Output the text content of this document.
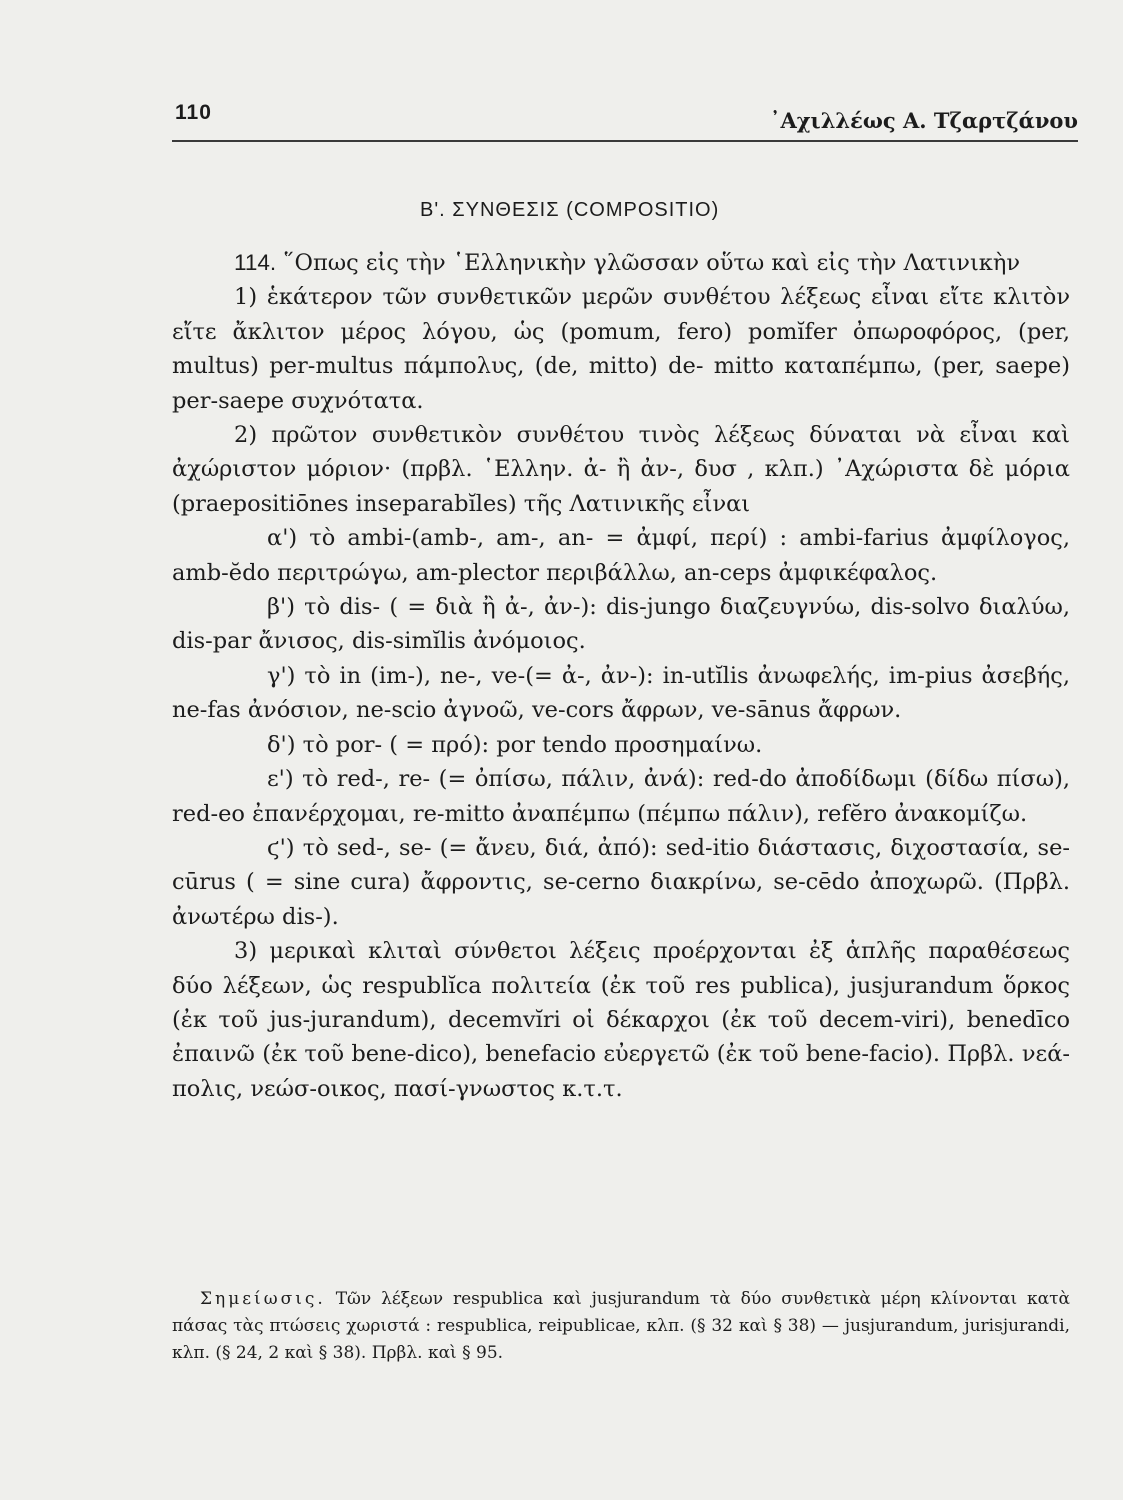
110	᾿Αχιλλέως Α. Τζαρτζάνου
Β'. ΣΥΝΘΕΣΙΣ (COMPOSITIO)

114. ῞Οπως εἰς τὴν ῾Ελληνικὴν γλῶσσαν οὕτω καὶ εἰς τὴν Λατινικὴν

1) ἑκάτερον τῶν συνθετικῶν μερῶν συνθέτου λέξεως εἶναι εἴτε κλιτὸν εἴτε ἄκλιτον μέρος λόγου, ὡς (pomum, fero) pomĭfer ὀπωροφόρος, (per, multus) per-multus πάμπολυς, (de, mitto) de- mitto καταπέμπω, (per, saepe) per-saepe συχνότατα.

2) πρῶτον συνθετικὸν συνθέτου τινὸς λέξεως δύναται νὰ εἶναι καὶ ἀχώριστον μόριον· (πρβλ. ῾Ελλην. ἀ- ἢ ἀν-, δυσ , κλπ.) ᾿Αχώριστα δὲ μόρια (praepositiōnes inseparabĭles) τῆς Λατινικῆς εἶναι

α') τὸ ambi-(amb-, am-, an- = ἀμφί, περί) : ambi-farius ἀμφίλογος, amb-ĕdo περιτρώγω, am-plector περιβάλλω, an-ceps ἀμφικέφαλος.

β') τὸ dis- ( = διὰ ἢ ἀ-, ἀν-): dis-jungo διαζευγνύω, dis-solvo διαλύω, dis-par ἄνισος, dis-simĭlis ἀνόμοιος.

γ') τὸ in (im-), ne-, ve-(= ἀ-, ἀν-): in-utĭlis ἀνωφελής, im-pius ἀσεβής, ne-fas ἀνόσιον, ne-scio ἀγνοῶ, ve-cors ἄφρων, ve-sānus ἄφρων.

δ') τὸ por- ( = πρό): por tendo προσημαίνω.

ε') τὸ red-, re- (= ὀπίσω, πάλιν, ἀνά): red-do ἀποδίδωμι (δίδω πίσω), red-eo ἐπανέρχομαι, re-mitto ἀναπέμπω (πέμπω πάλιν), refĕro ἀνακομίζω.

ϛ') τὸ sed-, se- (= ἄνευ, διά, ἀπό): sed-itio διάστασις, διχοστασία, se-cūrus ( = sine cura) ἄφροντις, se-cerno διακρίνω, se-cēdo ἀποχωρῶ. (Πρβλ. ἀνωτέρω dis-).

3) μερικαὶ κλιταὶ σύνθετοι λέξεις προέρχονται ἐξ ἁπλῆς παραθέσεως δύο λέξεων, ὡς respublĭca πολιτεία (ἐκ τοῦ res publica), jusjurandum ὅρκος (ἐκ τοῦ jus-jurandum), decemvĭri οἱ δέκαρχοι (ἐκ τοῦ decem-viri), benedīco ἐπαινῶ (ἐκ τοῦ bene-dico), benefacio εὐεργετῶ (ἐκ τοῦ bene-facio). Πρβλ. νεά-πολις, νεώσ-οικος, πασί-γνωστος κ.τ.τ.

Σημείωσις. Τῶν λέξεων respublica καὶ jusjurandum τὰ δύο συνθετικὰ μέρη κλίνονται κατὰ πάσας τὰς πτώσεις χωριστά : respublica, reipublicae, κλπ. (§ 32 καὶ § 38) — jusjurandum, jurisjurandi, κλπ. (§ 24, 2 καὶ § 38). Πρβλ. καὶ § 95.
